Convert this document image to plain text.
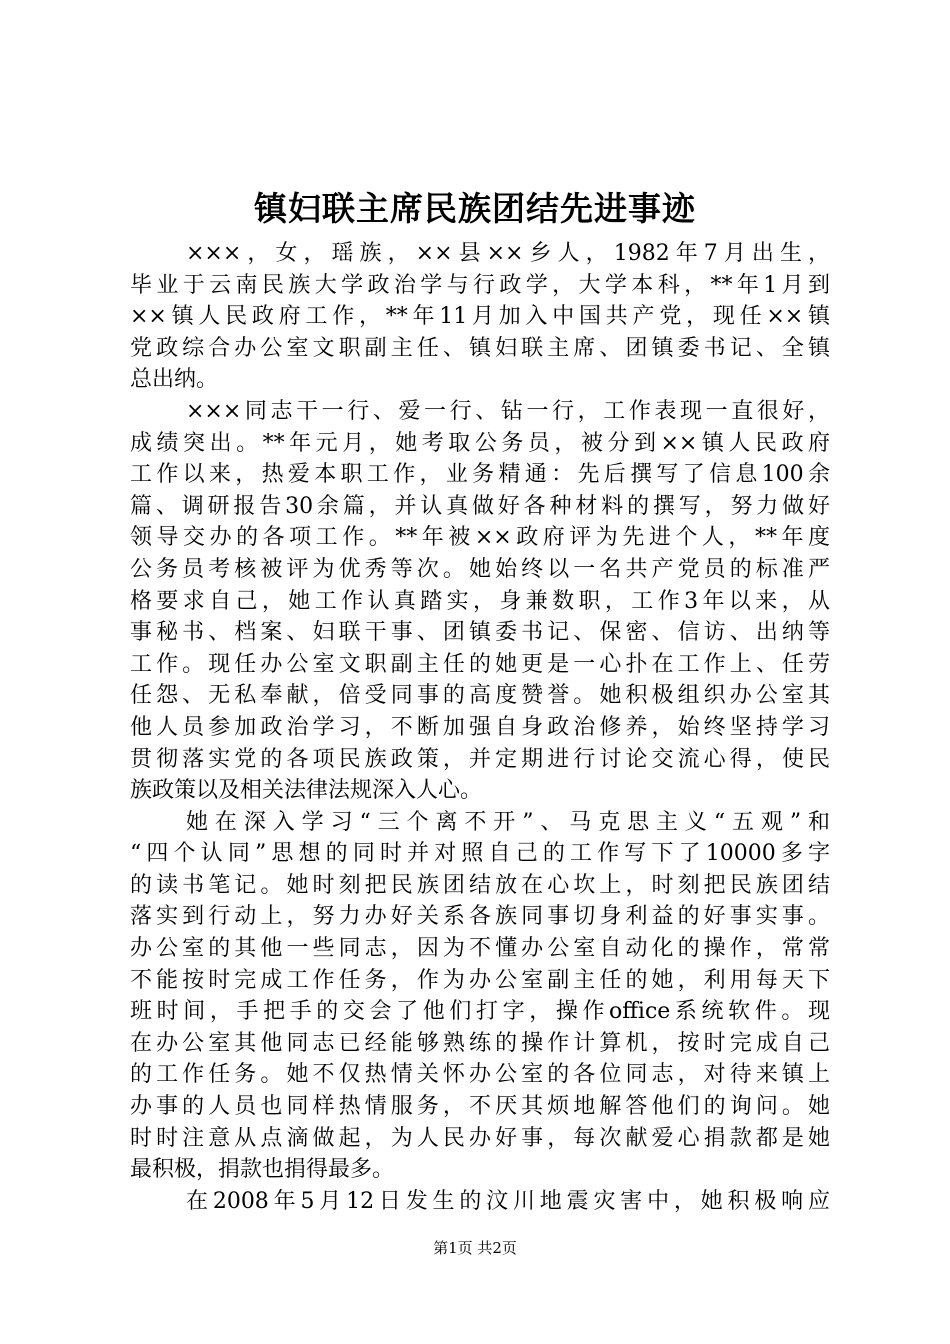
镇妇联主席民族团结先进事迹
×××，女，瑶族，××县××乡人，1982年7月出生，
毕业于云南民族大学政治学与行政学，大学本科，**年1月到
××镇人民政府工作，**年11月加入中国共产党，现任××镇
党政综合办公室文职副主任、镇妇联主席、团镇委书记、全镇
总出纳。
×××同志干一行、爱一行、钻一行，工作表现一直很好，
成绩突出。**年元月，她考取公务员，被分到××镇人民政府
工作以来，热爱本职工作，业务精通：先后撰写了信息100余
篇、调研报告30余篇，并认真做好各种材料的撰写，努力做好
领导交办的各项工作。**年被××政府评为先进个人，**年度
公务员考核被评为优秀等次。她始终以一名共产党员的标准严
格要求自己，她工作认真踏实，身兼数职，工作3年以来，从
事秘书、档案、妇联干事、团镇委书记、保密、信访、出纳等
工作。现任办公室文职副主任的她更是一心扑在工作上、任劳
任怨、无私奉献，倍受同事的高度赞誉。她积极组织办公室其
他人员参加政治学习，不断加强自身政治修养，始终坚持学习
贯彻落实党的各项民族政策，并定期进行讨论交流心得，使民
族政策以及相关法律法规深入人心。
她在深入学习“三个离不开”、马克思主义“五观”和
“四个认同”思想的同时并对照自己的工作写下了10000多字
的读书笔记。她时刻把民族团结放在心坎上，时刻把民族团结
落实到行动上，努力办好关系各族同事切身利益的好事实事。
办公室的其他一些同志，因为不懂办公室自动化的操作，常常
不能按时完成工作任务，作为办公室副主任的她，利用每天下
班时间，手把手的交会了他们打字，操作office系统软件。现
在办公室其他同志已经能够熟练的操作计算机，按时完成自己
的工作任务。她不仅热情关怀办公室的各位同志，对待来镇上
办事的人员也同样热情服务，不厌其烦地解答他们的询问。她
时时注意从点滴做起，为人民办好事，每次献爱心捐款都是她
最积极，捐款也捐得最多。
在2008年5月12日发生的汶川地震灾害中，她积极响应
第1页 共2页
